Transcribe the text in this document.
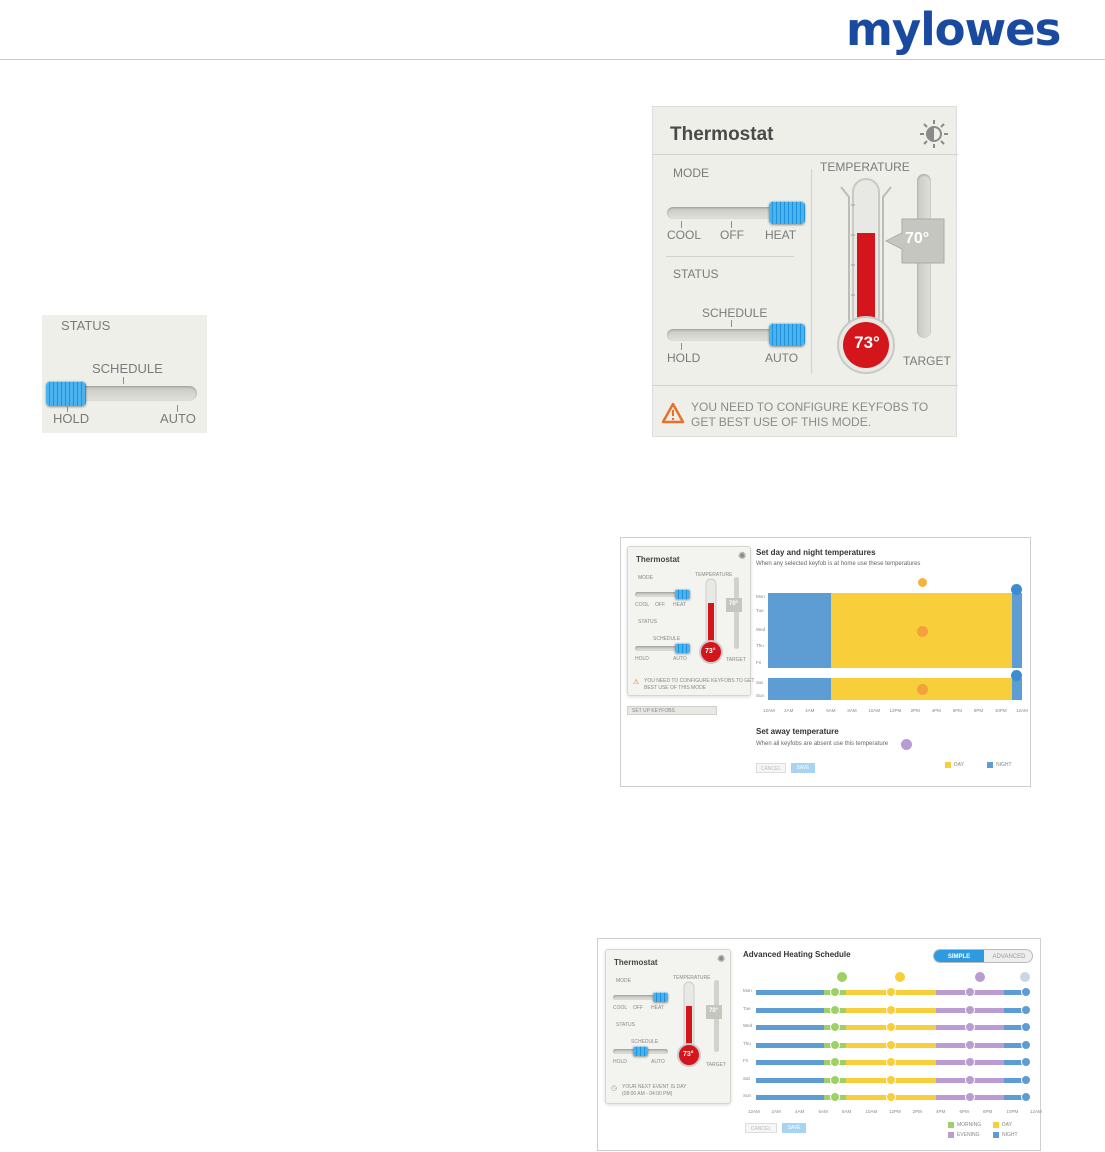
mylowes
STATUS
SCHEDULE
HOLD	AUTO
Thermostat
MODE
COOL OFF HEAT
STATUS
SCHEDULE
HOLD	AUTO
TEMPERATURE
73°
70°
TARGET
YOU NEED TO CONFIGURE KEYFOBS TO GET BEST USE OF THIS MODE.
Thermostat	✺
MODE
COOL OFF HEAT
STATUS
SCHEDULE
HOLD	AUTO
TEMPERATURE
73°
70°
TARGET
⚠ YOU NEED TO CONFIGURE KEYFOBS TO GET
BEST USE OF THIS MODE
SET UP KEYFOBS
Set day and night temperatures
When any selected keyfob is at home use these temperatures
Mon
Tue
Wed
Thu
Fri
Sat
Sun
12AM 2AM	4AM	6AM	8AM	10AM 12PM 2PM	4PM	6PM	8PM	10PM 12AM
Set away temperature
When all keyfobs are absent use this temperature
CANCEL	SAVE	DAY	NIGHT
Thermostat	✺
MODE
COOL OFF HEAT
STATUS
SCHEDULE
HOLD	AUTO
TEMPERATURE
73°
70°
TARGET
◷ YOUR NEXT EVENT IS DAY
(08:00 AM - 04:00 PM)
Advanced Heating Schedule	SIMPLE	ADVANCED
Mon
Tue
Wed
Thu
Fri
Sat
Sun
12AM	2AM	4AM	6AM	8AM	10AM	12PM	2PM	4PM	6PM	8PM	10PM	12AM
CANCEL	SAVE	MORNING	DAY
EVENING	NIGHT
